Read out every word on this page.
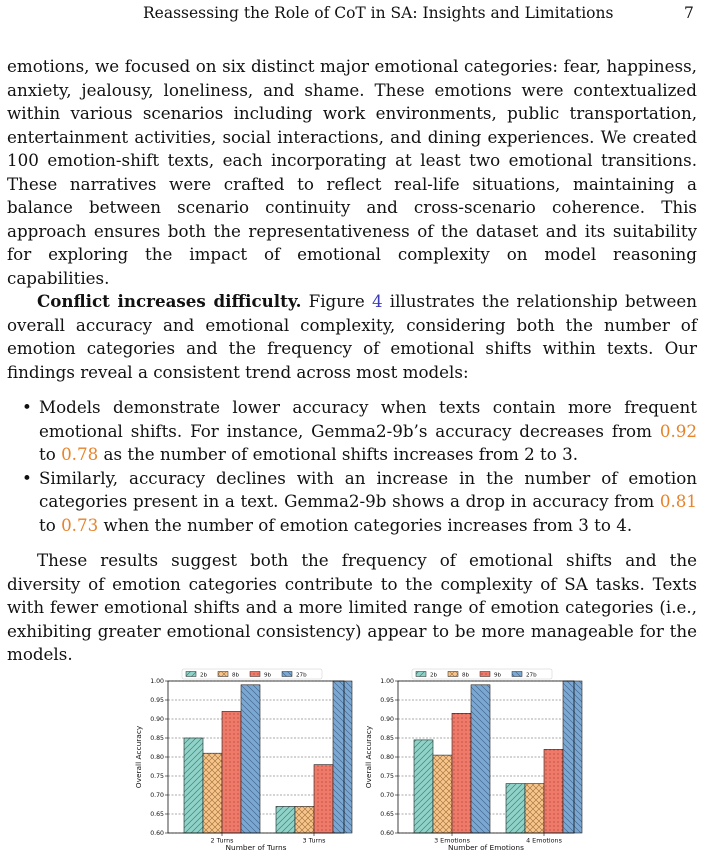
Reassessing the Role of CoT in SA: Insights and Limitations	7

emotions, we focused on six distinct major emotional categories: fear, happiness, anxiety, jealousy, loneliness, and shame. These emotions were contextualized within various scenarios including work environments, public transportation, entertainment activities, social interactions, and dining experiences. We created 100 emotion-shift texts, each incorporating at least two emotional transitions. These narratives were crafted to reflect real-life situations, maintaining a balance between scenario continuity and cross-scenario coherence. This approach ensures both the representativeness of the dataset and its suitability for exploring the impact of emotional complexity on model reasoning capabilities.

Conflict increases difficulty. Figure 4 illustrates the relationship between overall accuracy and emotional complexity, considering both the number of emotion categories and the frequency of emotional shifts within texts. Our findings reveal a consistent trend across most models:

• Models demonstrate lower accuracy when texts contain more frequent emotional shifts. For instance, Gemma2-9b’s accuracy decreases from 0.92 to 0.78 as the number of emotional shifts increases from 2 to 3.
• Similarly, accuracy declines with an increase in the number of emotion categories present in a text. Gemma2-9b shows a drop in accuracy from 0.81 to 0.73 when the number of emotion categories increases from 3 to 4.

These results suggest both the frequency of emotional shifts and the diversity of emotion categories contribute to the complexity of SA tasks. Texts with fewer emotional shifts and a more limited range of emotion categories (i.e., exhibiting greater emotional consistency) appear to be more manageable for the models.

0.60
0.65
0.70
0.75
0.80
0.85
0.90
0.95
1.00
2 Turns	3 Turns
Number of Turns
Overall Accuracy
2b	8b	9b	27b
0.60
0.65
0.70
0.75
0.80
0.85
0.90
0.95
1.00
3 Emotions	4 Emotions
Number of Emotions
Overall Accuracy
2b	8b	9b	27b
